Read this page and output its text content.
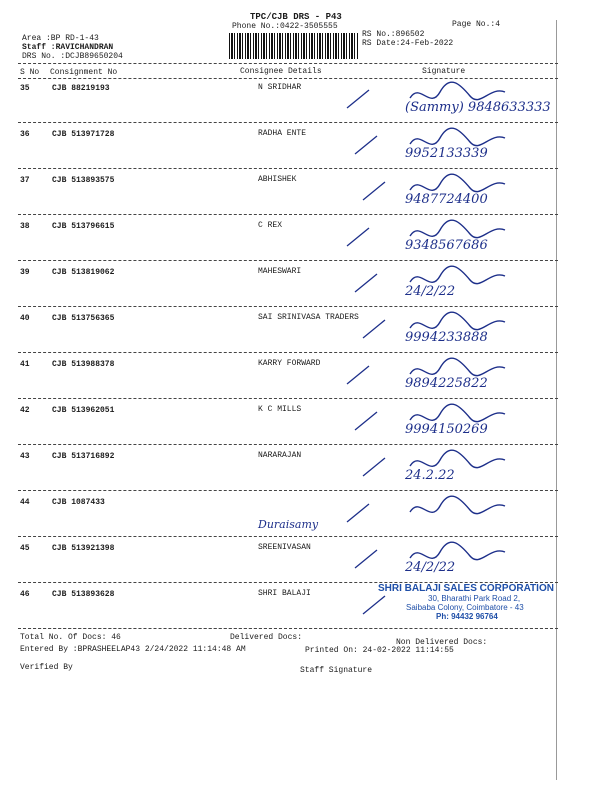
TPC/CJB DRS - P43
Phone No.:0422-3505555	Page No.:4
Area :BP RD-1-43
Staff :RAVICHANDRAN
DRS No. :DCJB89650204
RS No.:896502
RS Date:24-Feb-2022
S No Consignment No	Consignee Details	Signature
35	CJB 88219193	N SRIDHAR
(Sammy) 9848633333
36	CJB 513971728	RADHA ENTE
9952133339
37	CJB 513893575	ABHISHEK
9487724400
38	CJB 513796615	C REX
9348567686
39	CJB 513819062	MAHESWARI
24/2/22
40	CJB 513756365	SAI SRINIVASA TRADERS
9994233888
41	CJB 513988378	KARRY FORWARD
9894225822
42	CJB 513962051	K C MILLS
9994150269
43	CJB 513716892	NARARAJAN
24.2.22
44	CJB 1087433
Duraisamy
45	CJB 513921398	SREENIVASAN
24/2/22
46	CJB 513893628	SHRI BALAJI	SHRI BALAJI SALES CORPORATION
30, Bharathi Park Road 2,
Saibaba Colony, Coimbatore - 43
Ph: 94432 96764
Total No. Of Docs: 46	Delivered Docs:
Non Delivered Docs:
Entered By :BPRASHEELAP43 2/24/2022 11:14:48 AM	Printed On: 24-02-2022 11:14:55
Verified By	Staff Signature
